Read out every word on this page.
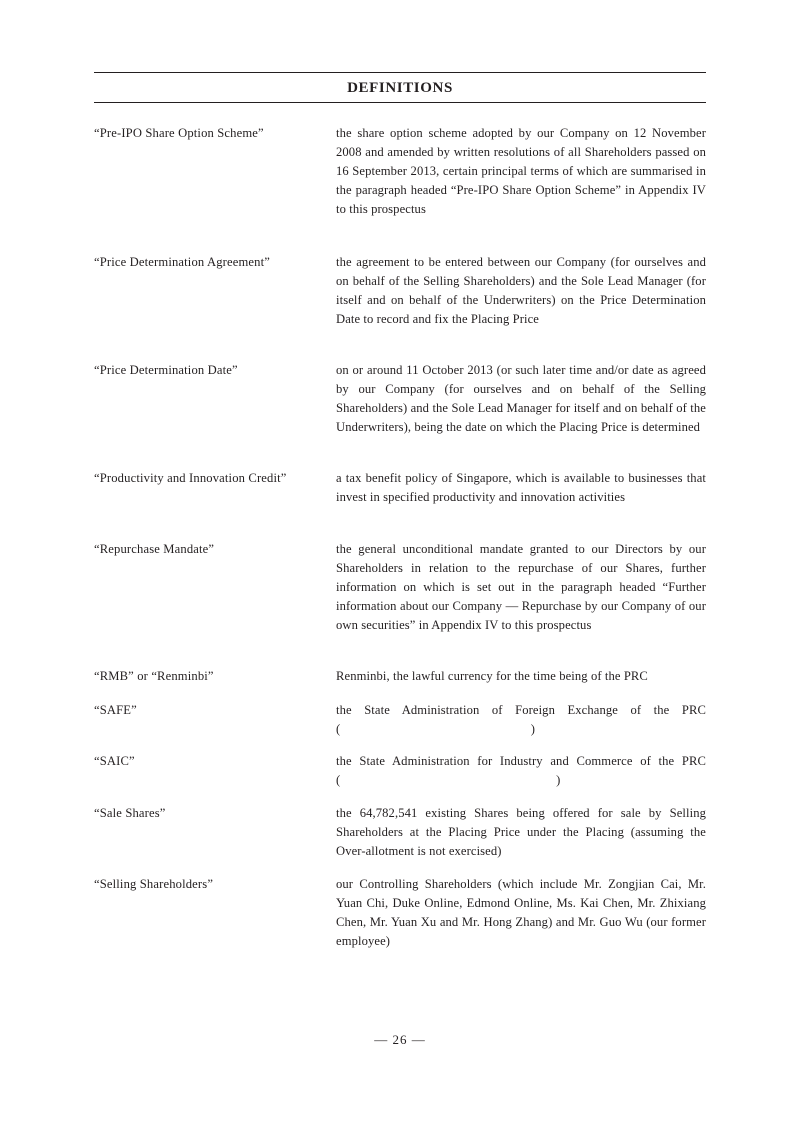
DEFINITIONS
“Pre-IPO Share Option Scheme”	the share option scheme adopted by our Company on 12 November 2008 and amended by written resolutions of all Shareholders passed on 16 September 2013, certain principal terms of which are summarised in the paragraph headed “Pre-IPO Share Option Scheme” in Appendix IV to this prospectus
“Price Determination Agreement”	the agreement to be entered between our Company (for ourselves and on behalf of the Selling Shareholders) and the Sole Lead Manager (for itself and on behalf of the Underwriters) on the Price Determination Date to record and fix the Placing Price
“Price Determination Date”	on or around 11 October 2013 (or such later time and/or date as agreed by our Company (for ourselves and on behalf of the Selling Shareholders) and the Sole Lead Manager for itself and on behalf of the Underwriters), being the date on which the Placing Price is determined
“Productivity and Innovation Credit”	a tax benefit policy of Singapore, which is available to businesses that invest in specified productivity and innovation activities
“Repurchase Mandate”	the general unconditional mandate granted to our Directors by our Shareholders in relation to the repurchase of our Shares, further information on which is set out in the paragraph headed “Further information about our Company — Repurchase by our Company of our own securities” in Appendix IV to this prospectus
“RMB” or “Renminbi”	Renminbi, the lawful currency for the time being of the PRC
“SAFE”	the State Administration of Foreign Exchange of the PRC (               )
“SAIC”	the State Administration for Industry and Commerce of the PRC (                 )
“Sale Shares”	the 64,782,541 existing Shares being offered for sale by Selling Shareholders at the Placing Price under the Placing (assuming the Over-allotment is not exercised)
“Selling Shareholders”	our Controlling Shareholders (which include Mr. Zongjian Cai, Mr. Yuan Chi, Duke Online, Edmond Online, Ms. Kai Chen, Mr. Zhixiang Chen, Mr. Yuan Xu and Mr. Hong Zhang) and Mr. Guo Wu (our former employee)
— 26 —
